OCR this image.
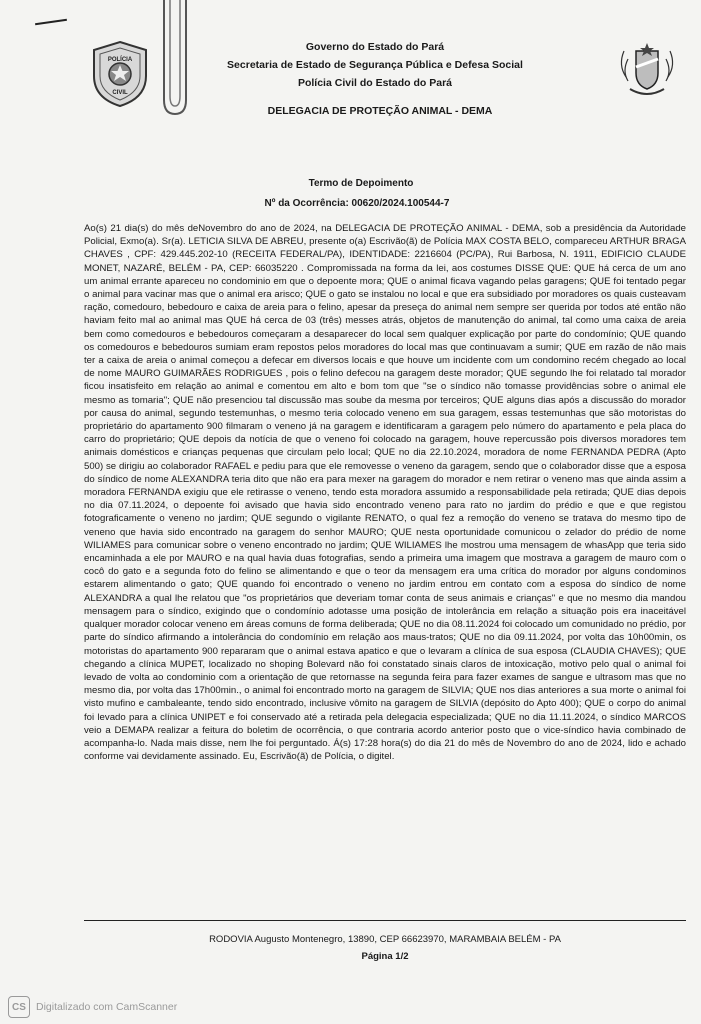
POLÍCIA
CIVIL
Governo do Estado do Pará
Secretaria de Estado de Segurança Pública e Defesa Social
Polícia Civil do Estado do Pará
DELEGACIA DE PROTEÇÃO ANIMAL - DEMA
Termo de Depoimento
Nº da Ocorrência: 00620/2024.100544-7
Ao(s) 21 dia(s) do mês deNovembro do ano de 2024, na DELEGACIA DE PROTEÇÃO ANIMAL - DEMA, sob a presidência da Autoridade Policial, Exmo(a). Sr(a). LETICIA SILVA DE ABREU, presente o(a) Escrivão(ã) de Polícia MAX COSTA BELO, compareceu ARTHUR BRAGA CHAVES , CPF: 429.445.202-10 (RECEITA FEDERAL/PA), IDENTIDADE: 2216604 (PC/PA), Rui Barbosa, N. 1911, EDIFICIO CLAUDE MONET, NAZARÉ, BELÉM - PA, CEP: 66035220 . Compromissada na forma da lei, aos costumes DISSE QUE: QUE há cerca de um ano um animal errante apareceu no condominio em que o depoente mora; QUE o animal ficava vagando pelas garagens; QUE foi tentado pegar o animal para vacinar mas que o animal era arisco; QUE o gato se instalou no local e que era subsidiado por moradores os quais custeavam ração, comedouro, bebedouro e caixa de areia para o felino, apesar da preseça do animal nem sempre ser querida por todos até então não haviam feito mal ao animal mas QUE há cerca de 03 (três) messes atrás, objetos de manutenção do animal, tal como uma caixa de areia bem como comedouros e bebedouros começaram a desaparecer do local sem qualquer explicação por parte do condomínio; QUE quando os comedouros e bebedouros sumiam eram repostos pelos moradores do local mas que continuavam a sumir; QUE em razão de não mais ter a caixa de areia o animal começou a defecar em diversos locais e que houve um incidente com um condomino recém chegado ao local de nome MAURO GUIMARÃES RODRIGUES , pois o felino defecou na garagem deste morador; QUE segundo lhe foi relatado tal morador ficou insatisfeito em relação ao animal e comentou em alto e bom tom que "se o síndico não tomasse providências sobre o animal ele mesmo as tomaria"; QUE não presenciou tal discussão mas soube da mesma por terceiros; QUE alguns dias após a discussão do morador por causa do animal, segundo testemunhas, o mesmo teria colocado veneno em sua garagem, essas testemunhas que são motoristas do proprietário do apartamento 900 filmaram o veneno já na garagem e identificaram a garagem pelo número do apartamento e pela placa do carro do proprietário; QUE depois da notícia de que o veneno foi colocado na garagem, houve repercussão pois diversos moradores tem animais domésticos e crianças pequenas que circulam pelo local; QUE no dia 22.10.2024, moradora de nome FERNANDA PEDRA (Apto 500) se dirigiu ao colaborador RAFAEL e pediu para que ele removesse o veneno da garagem, sendo que o colaborador disse que a esposa do síndico de nome ALEXANDRA teria dito que não era para mexer na garagem do morador e nem retirar o veneno mas que ainda assim a moradora FERNANDA exigiu que ele retirasse o veneno, tendo esta moradora assumido a responsabilidade pela retirada; QUE dias depois no dia 07.11.2024, o depoente foi avisado que havia sido encontrado veneno para rato no jardim do prédio e que e que registou fotograficamente o veneno no jardim; QUE segundo o vigilante RENATO, o qual fez a remoção do veneno se tratava do mesmo tipo de veneno que havia sido encontrado na garagem do senhor MAURO; QUE nesta oportunidade comunicou o zelador do prédio de nome WILIAMES para comunicar sobre o veneno encontrado no jardim; QUE WILIAMES lhe mostrou uma mensagem de whasApp que teria sido encaminhada a ele por MAURO e na qual havia duas fotografias, sendo a primeira uma imagem que mostrava a garagem de mauro com o cocô do gato e a segunda foto do felino se alimentando e que o teor da mensagem era uma crítica do morador por alguns condominos estarem alimentando o gato; QUE quando foi encontrado o veneno no jardim entrou em contato com a esposa do síndico de nome ALEXANDRA a qual lhe relatou que "os proprietários que deveriam tomar conta de seus animais e crianças" e que no mesmo dia mandou mensagem para o síndico, exigindo que o condomínio adotasse uma posição de intolerância em relação a situação pois era inaceitável qualquer morador colocar veneno em áreas comuns de forma deliberada; QUE no dia 08.11.2024 foi colocado um comunidado no prédio, por parte do síndico afirmando a intolerância do condomínio em relação aos maus-tratos; QUE no dia 09.11.2024, por volta das 10h00min, os motoristas do apartamento 900 repararam que o animal estava apatico e que o levaram a clínica de sua esposa (CLAUDIA CHAVES); QUE chegando a clínica MUPET, localizado no shoping Bolevard não foi constatado sinais claros de intoxicação, motivo pelo qual o animal foi levado de volta ao condominio com a orientação de que retornasse na segunda feira para fazer exames de sangue e ultrasom mas que no mesmo dia, por volta das 17h00min., o animal foi encontrado morto na garagem de SILVIA; QUE nos dias anteriores a sua morte o animal foi visto mufino e cambaleante, tendo sido encontrado, inclusive vômito na garagem de SILVIA (depósito do Apto 400); QUE o corpo do animal foi levado para a clínica UNIPET e foi conservado até a retirada pela delegacia especializada; QUE no dia 11.11.2024, o síndico MARCOS veio a DEMAPA realizar a feitura do boletim de ocorrência, o que contraria acordo anterior posto que o vice-síndico havia combinado de acompanha-lo. Nada mais disse, nem lhe foi perguntado. Á(s) 17:28 hora(s) do dia 21 do mês de Novembro do ano de 2024, lido e achado conforme vai devidamente assinado. Eu, Escrivão(ã) de Polícia, o digitel.
RODOVIA Augusto Montenegro, 13890, CEP 66623970, MARAMBAIA BELÉM - PA
Página 1/2
CS Digitalizado com CamScanner
